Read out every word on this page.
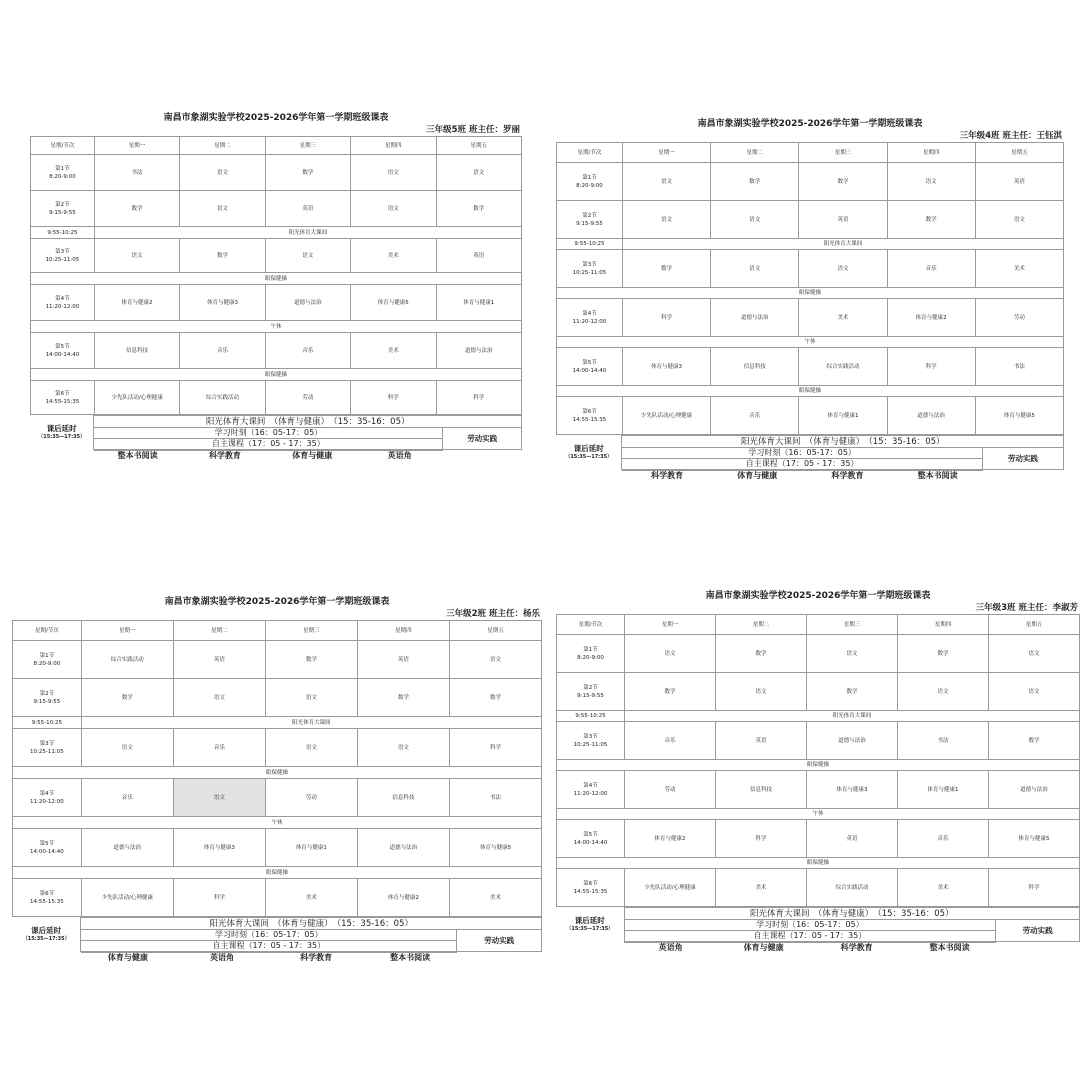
南昌市象湖实验学校2025-2026学年第一学期班级课表
三年级5班 班主任：罗丽
星期/节次	星期一	星期二	星期三	星期四	星期五

第1节
8:20-9:00	书法	语文	数学	语文	语文

第2节
9:15-9:55	数学	语文	英语	语文	数学
9:55-10:25	阳光体育大课间				

第3节
10:25-11:05	语文	数学	语文	美术	英语
眼保健操					

第4节
11:20-12:00	体育与健康2	体育与健康3	道德与法治	体育与健康5	体育与健康1
午休					

第5节
14:00-14:40	信息科技	音乐	音乐	美术	道德与法治
眼保健操					

第6节
14:55-15:35	少先队活动/心理健康	综合实践活动	劳动	科学	科学
课后延时
（15:35—17:35）	阳光体育大课间　（体育与健康）　（15：35-16：05）	
	学习时刻（16：05-17：05）	劳动实践
	自主课程（17：05 - 17：35）	
	整本书阅读	科学教育	体育与健康	英语角	
南昌市象湖实验学校2025-2026学年第一学期班级课表
三年级4班 班主任：王钰淇
星期/节次	星期一	星期二	星期三	星期四	星期五

第1节
8:20-9:00	语文	数学	数学	语文	英语

第2节
9:15-9:55	语文	语文	英语	数学	语文
9:55-10:25	阳光体育大课间				

第3节
10:25-11:05	数学	语文	语文	音乐	美术
眼保健操					

第4节
11:20-12:00	科学	道德与法治	美术	体育与健康2	劳动
午休					

第5节
14:00-14:40	体育与健康3	信息科技	综合实践活动	科学	书法
眼保健操					

第6节
14:55-15:35	少先队活动/心理健康	音乐	体育与健康1	道德与法治	体育与健康5
课后延时
（15:35—17:35）	阳光体育大课间　（体育与健康）　（15：35-16：05）	
	学习时刻（16：05-17：05）	劳动实践
	自主课程（17：05 - 17：35）	
	科学教育	体育与健康	科学教育	整本书阅读	
南昌市象湖实验学校2025-2026学年第一学期班级课表
三年级2班 班主任：杨乐
星期/节次	星期一	星期二	星期三	星期四	星期五

第1节
8:20-9:00	综合实践活动	英语	数学	英语	语文

第2节
9:15-9:55	数学	语文	语文	数学	数学
9:55-10:25	阳光体育大课间				

第3节
10:25-11:05	语文	音乐	语文	语文	科学
眼保健操					

第4节
11:20-12:00	音乐	语文	劳动	信息科技	书法
午休					

第5节
14:00-14:40	道德与法治	体育与健康3	体育与健康1	道德与法治	体育与健康5
眼保健操					

第6节
14:55-15:35	少先队活动/心理健康	科学	美术	体育与健康2	美术
课后延时
（15:35—17:35）	阳光体育大课间　（体育与健康）　（15：35-16：05）	
	学习时刻（16：05-17：05）	劳动实践
	自主课程（17：05 - 17：35）	
	体育与健康	英语角	科学教育	整本书阅读	
南昌市象湖实验学校2025-2026学年第一学期班级课表
三年级3班 班主任：李淑芳
星期/节次	星期一	星期二	星期三	星期四	星期五

第1节
8:20-9:00	语文	数学	语文	数学	语文

第2节
9:15-9:55	数学	语文	数学	语文	语文
9:55-10:25	阳光体育大课间				

第3节
10:25-11:05	音乐	英语	道德与法治	书法	数学
眼保健操					

第4节
11:20-12:00	劳动	信息科技	体育与健康3	体育与健康1	道德与法治
午休					

第5节
14:00-14:40	体育与健康2	科学	英语	音乐	体育与健康5
眼保健操					

第6节
14:55-15:35	少先队活动/心理健康	美术	综合实践活动	美术	科学
课后延时
（15:35—17:35）	阳光体育大课间　（体育与健康）　（15：35-16：05）	
	学习时刻（16：05-17：05）	劳动实践
	自主课程（17：05 - 17：35）	
	英语角	体育与健康	科学教育	整本书阅读	
